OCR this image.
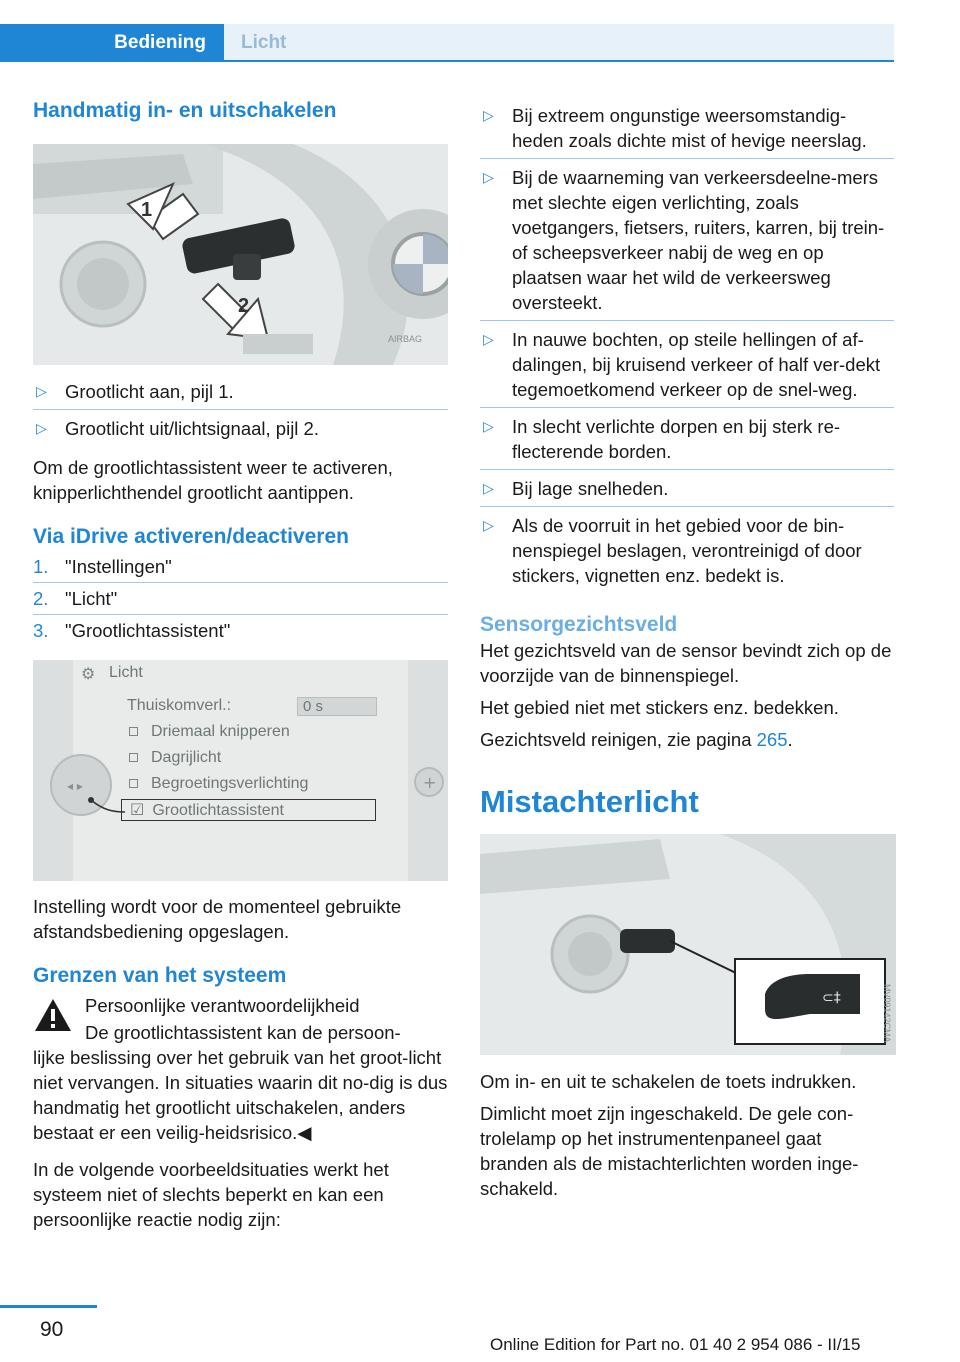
Bediening	Licht
Handmatig in- en uitschakelen
1
2
AIRBAG
▷ Grootlicht aan, pijl 1.
▷ Grootlicht uit/lichtsignaal, pijl 2.

Om de grootlichtassistent weer te activeren, knipperlichthendel grootlicht aantippen.

Via iDrive activeren/deactiveren
1. "Instellingen"
2. "Licht"
3. "Grootlichtassistent"
◂ ▸	+
⚙ Licht
Thuiskomverl.:	0 s
Driemaal knipperen
Dagrijlicht
Begroetingsverlichting
☑ Grootlichtassistent

Instelling wordt voor de momenteel gebruikte afstandsbediening opgeslagen.

Grenzen van het systeem

Persoonlijke verantwoordelijkheid

De grootlichtassistent kan de persoon-

lijke beslissing over het gebruik van het groot-licht niet vervangen. In situaties waarin dit no-dig is dus handmatig het grootlicht uitschakelen, anders bestaat er een veilig-heidsrisico.◀

In de volgende voorbeeldsituaties werkt het systeem niet of slechts beperkt en kan een persoonlijke reactie nodig zijn:

▷ Bij extreem ongunstige weersomstandig-heden zoals dichte mist of hevige neerslag.
▷ Bij de waarneming van verkeersdeelne-mers met slechte eigen verlichting, zoals voetgangers, fietsers, ruiters, karren, bij trein- of scheepsverkeer nabij de weg en op plaatsen waar het wild de verkeersweg oversteekt.
▷ In nauwe bochten, op steile hellingen of af-dalingen, bij kruisend verkeer of half ver-dekt tegemoetkomend verkeer op de snel-weg.
▷ In slecht verlichte dorpen en bij sterk re-flecterende borden.
▷ Bij lage snelheden.
▷ Als de voorruit in het gebied voor de bin-nenspiegel beslagen, verontreinigd of door stickers, vignetten enz. bedekt is.
Sensorgezichtsveld

Het gezichtsveld van de sensor bevindt zich op de voorzijde van de binnenspiegel.

Het gebied niet met stickers enz. bedekken.

Gezichtsveld reinigen, zie pagina 265.

Mistachterlicht
⊂‡	MV09142CMA

Om in- en uit te schakelen de toets indrukken.

Dimlicht moet zijn ingeschakeld. De gele con-trolelamp op het instrumentenpaneel gaat branden als de mistachterlichten worden inge-schakeld.

90
Online Edition for Part no. 01 40 2 954 086 - II/15
